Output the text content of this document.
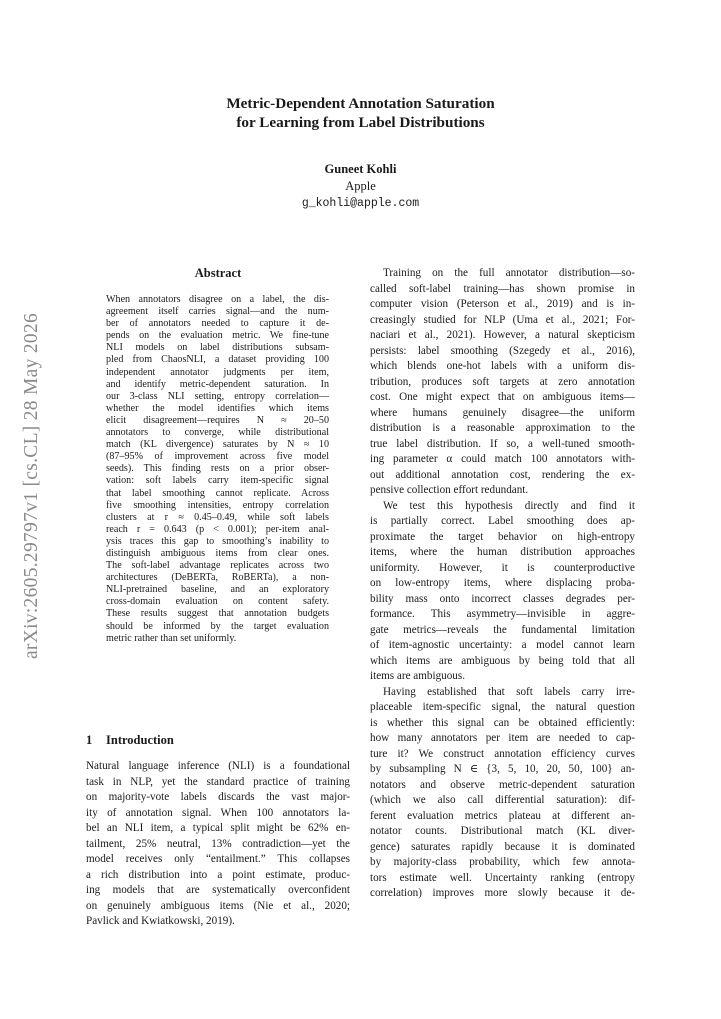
arXiv:2605.29797v1 [cs.CL] 28 May 2026
Metric-Dependent Annotation Saturation
for Learning from Label Distributions
Guneet Kohli
Apple
g_kohli@apple.com
Abstract
When annotators disagree on a label, the dis-
agreement itself carries signal—and the num-
ber of annotators needed to capture it de-
pends on the evaluation metric. We fine-tune
NLI models on label distributions subsam-
pled from ChaosNLI, a dataset providing 100
independent annotator judgments per item,
and identify metric-dependent saturation. In
our 3-class NLI setting, entropy correlation—
whether the model identifies which items
elicit disagreement—requires N ≈ 20–50
annotators to converge, while distributional
match (KL divergence) saturates by N ≈ 10
(87–95% of improvement across five model
seeds). This finding rests on a prior obser-
vation: soft labels carry item-specific signal
that label smoothing cannot replicate. Across
five smoothing intensities, entropy correlation
clusters at r ≈ 0.45–0.49, while soft labels
reach r = 0.643 (p < 0.001); per-item anal-
ysis traces this gap to smoothing’s inability to
distinguish ambiguous items from clear ones.
The soft-label advantage replicates across two
architectures (DeBERTa, RoBERTa), a non-
NLI-pretrained baseline, and an exploratory
cross-domain evaluation on content safety.
These results suggest that annotation budgets
should be informed by the target evaluation
metric rather than set uniformly.
1 Introduction
Natural language inference (NLI) is a foundational
task in NLP, yet the standard practice of training
on majority-vote labels discards the vast major-
ity of annotation signal. When 100 annotators la-
bel an NLI item, a typical split might be 62% en-
tailment, 25% neutral, 13% contradiction—yet the
model receives only “entailment.” This collapses
a rich distribution into a point estimate, produc-
ing models that are systematically overconfident
on genuinely ambiguous items (Nie et al., 2020;
Pavlick and Kwiatkowski, 2019).
Training on the full annotator distribution—so-
called soft-label training—has shown promise in
computer vision (Peterson et al., 2019) and is in-
creasingly studied for NLP (Uma et al., 2021; For-
naciari et al., 2021). However, a natural skepticism
persists: label smoothing (Szegedy et al., 2016),
which blends one-hot labels with a uniform dis-
tribution, produces soft targets at zero annotation
cost. One might expect that on ambiguous items—
where humans genuinely disagree—the uniform
distribution is a reasonable approximation to the
true label distribution. If so, a well-tuned smooth-
ing parameter α could match 100 annotators with-
out additional annotation cost, rendering the ex-
pensive collection effort redundant.
We test this hypothesis directly and find it
is partially correct. Label smoothing does ap-
proximate the target behavior on high-entropy
items, where the human distribution approaches
uniformity. However, it is counterproductive
on low-entropy items, where displacing proba-
bility mass onto incorrect classes degrades per-
formance. This asymmetry—invisible in aggre-
gate metrics—reveals the fundamental limitation
of item-agnostic uncertainty: a model cannot learn
which items are ambiguous by being told that all
items are ambiguous.
Having established that soft labels carry irre-
placeable item-specific signal, the natural question
is whether this signal can be obtained efficiently:
how many annotators per item are needed to cap-
ture it? We construct annotation efficiency curves
by subsampling N ∈ {3, 5, 10, 20, 50, 100} an-
notators and observe metric-dependent saturation
(which we also call differential saturation): dif-
ferent evaluation metrics plateau at different an-
notator counts. Distributional match (KL diver-
gence) saturates rapidly because it is dominated
by majority-class probability, which few annota-
tors estimate well. Uncertainty ranking (entropy
correlation) improves more slowly because it de-
